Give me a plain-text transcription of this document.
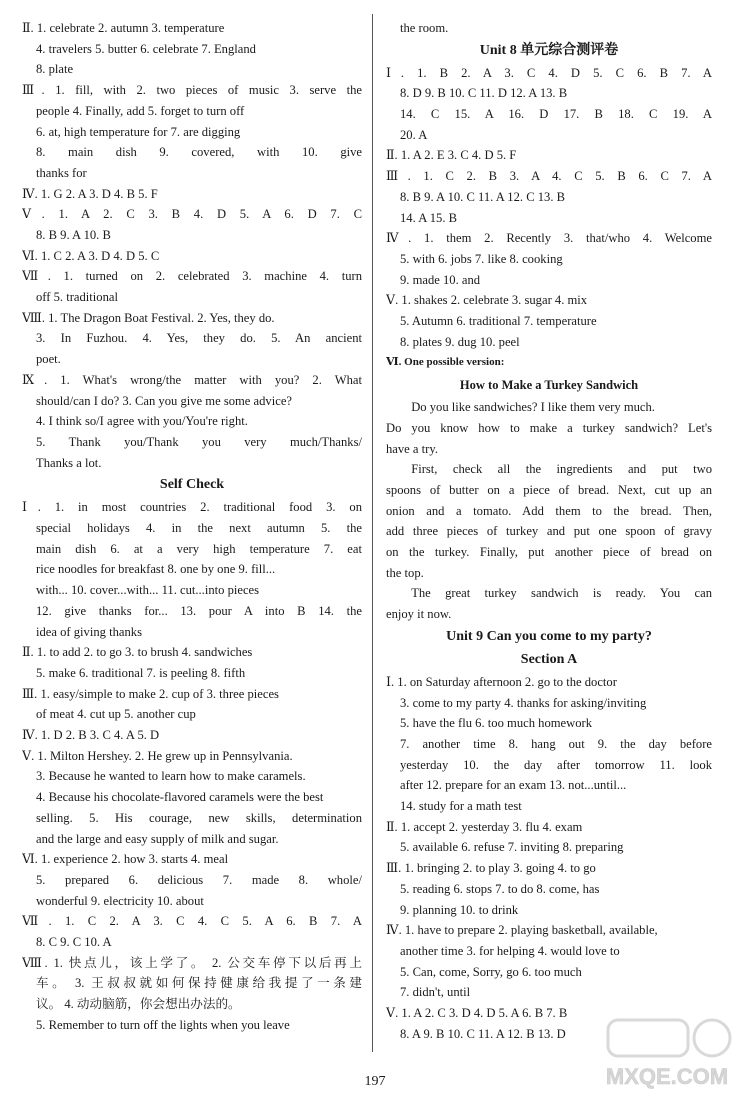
Ⅱ. 1. celebrate 2. autumn 3. temperature
4. travelers 5. butter 6. celebrate 7. England
8. plate
Ⅲ. 1. fill, with 2. two pieces of music 3. serve the
people 4. Finally, add 5. forget to turn off
6. at, high temperature for 7. are digging
8. main dish 9. covered, with 10. give
thanks for
Ⅳ. 1. G 2. A 3. D 4. B 5. F
Ⅴ. 1. A 2. C 3. B 4. D 5. A 6. D 7. C
8. B 9. A 10. B
Ⅵ. 1. C 2. A 3. D 4. D 5. C
Ⅶ. 1. turned on 2. celebrated 3. machine 4. turn
off 5. traditional
Ⅷ. 1. The Dragon Boat Festival. 2. Yes, they do.
3. In Fuzhou. 4. Yes, they do. 5. An ancient
poet.
Ⅸ. 1. What's wrong/the matter with you? 2. What
should/can I do? 3. Can you give me some advice?
4. I think so/I agree with you/You're right.
5. Thank you/Thank you very much/Thanks/
Thanks a lot.
Self Check
Ⅰ. 1. in most countries 2. traditional food 3. on
special holidays 4. in the next autumn 5. the
main dish 6. at a very high temperature 7. eat
rice noodles for breakfast 8. one by one 9. fill...
with... 10. cover...with... 11. cut...into pieces
12. give thanks for... 13. pour A into B 14. the
idea of giving thanks
Ⅱ. 1. to add 2. to go 3. to brush 4. sandwiches
5. make 6. traditional 7. is peeling 8. fifth
Ⅲ. 1. easy/simple to make 2. cup of 3. three pieces
of meat 4. cut up 5. another cup
Ⅳ. 1. D 2. B 3. C 4. A 5. D
Ⅴ. 1. Milton Hershey. 2. He grew up in Pennsylvania.
3. Because he wanted to learn how to make caramels.
4. Because his chocolate-flavored caramels were the best
selling. 5. His courage, new skills, determination
and the large and easy supply of milk and sugar.
Ⅵ. 1. experience 2. how 3. starts 4. meal
5. prepared 6. delicious 7. made 8. whole/
wonderful 9. electricity 10. about
Ⅶ. 1. C 2. A 3. C 4. C 5. A 6. B 7. A
8. C 9. C 10. A
Ⅷ. 1. 快点儿，该上学了。 2. 公交车停下以后再上
车。 3. 王叔叔就如何保持健康给我提了一条建
议。 4. 动动脑筋，你会想出办法的。
5. Remember to turn off the lights when you leave
the room.
Unit 8 单元综合测评卷
Ⅰ. 1. B 2. A 3. C 4. D 5. C 6. B 7. A
8. D 9. B 10. C 11. D 12. A 13. B
14. C 15. A 16. D 17. B 18. C 19. A
20. A
Ⅱ. 1. A 2. E 3. C 4. D 5. F
Ⅲ. 1. C 2. B 3. A 4. C 5. B 6. C 7. A
8. B 9. A 10. C 11. A 12. C 13. B
14. A 15. B
Ⅳ. 1. them 2. Recently 3. that/who 4. Welcome
5. with 6. jobs 7. like 8. cooking
9. made 10. and
Ⅴ. 1. shakes 2. celebrate 3. sugar 4. mix
5. Autumn 6. traditional 7. temperature
8. plates 9. dug 10. peel
Ⅵ. One possible version:
How to Make a Turkey Sandwich
Do you like sandwiches? I like them very much.
Do you know how to make a turkey sandwich? Let's
have a try.
First, check all the ingredients and put two
spoons of butter on a piece of bread. Next, cut up an
onion and a tomato. Add them to the bread. Then,
add three pieces of turkey and put one spoon of gravy
on the turkey. Finally, put another piece of bread on
the top.
The great turkey sandwich is ready. You can
enjoy it now.
Unit 9 Can you come to my party?
Section A
Ⅰ. 1. on Saturday afternoon 2. go to the doctor
3. come to my party 4. thanks for asking/inviting
5. have the flu 6. too much homework
7. another time 8. hang out 9. the day before
yesterday 10. the day after tomorrow 11. look
after 12. prepare for an exam 13. not...until...
14. study for a math test
Ⅱ. 1. accept 2. yesterday 3. flu 4. exam
5. available 6. refuse 7. inviting 8. preparing
Ⅲ. 1. bringing 2. to play 3. going 4. to go
5. reading 6. stops 7. to do 8. come, has
9. planning 10. to drink
Ⅳ. 1. have to prepare 2. playing basketball, available,
another time 3. for helping 4. would love to
5. Can, come, Sorry, go 6. too much
7. didn't, until
Ⅴ. 1. A 2. C 3. D 4. D 5. A 6. B 7. B
8. A 9. B 10. C 11. A 12. B 13. D
197	MXQE.COM
